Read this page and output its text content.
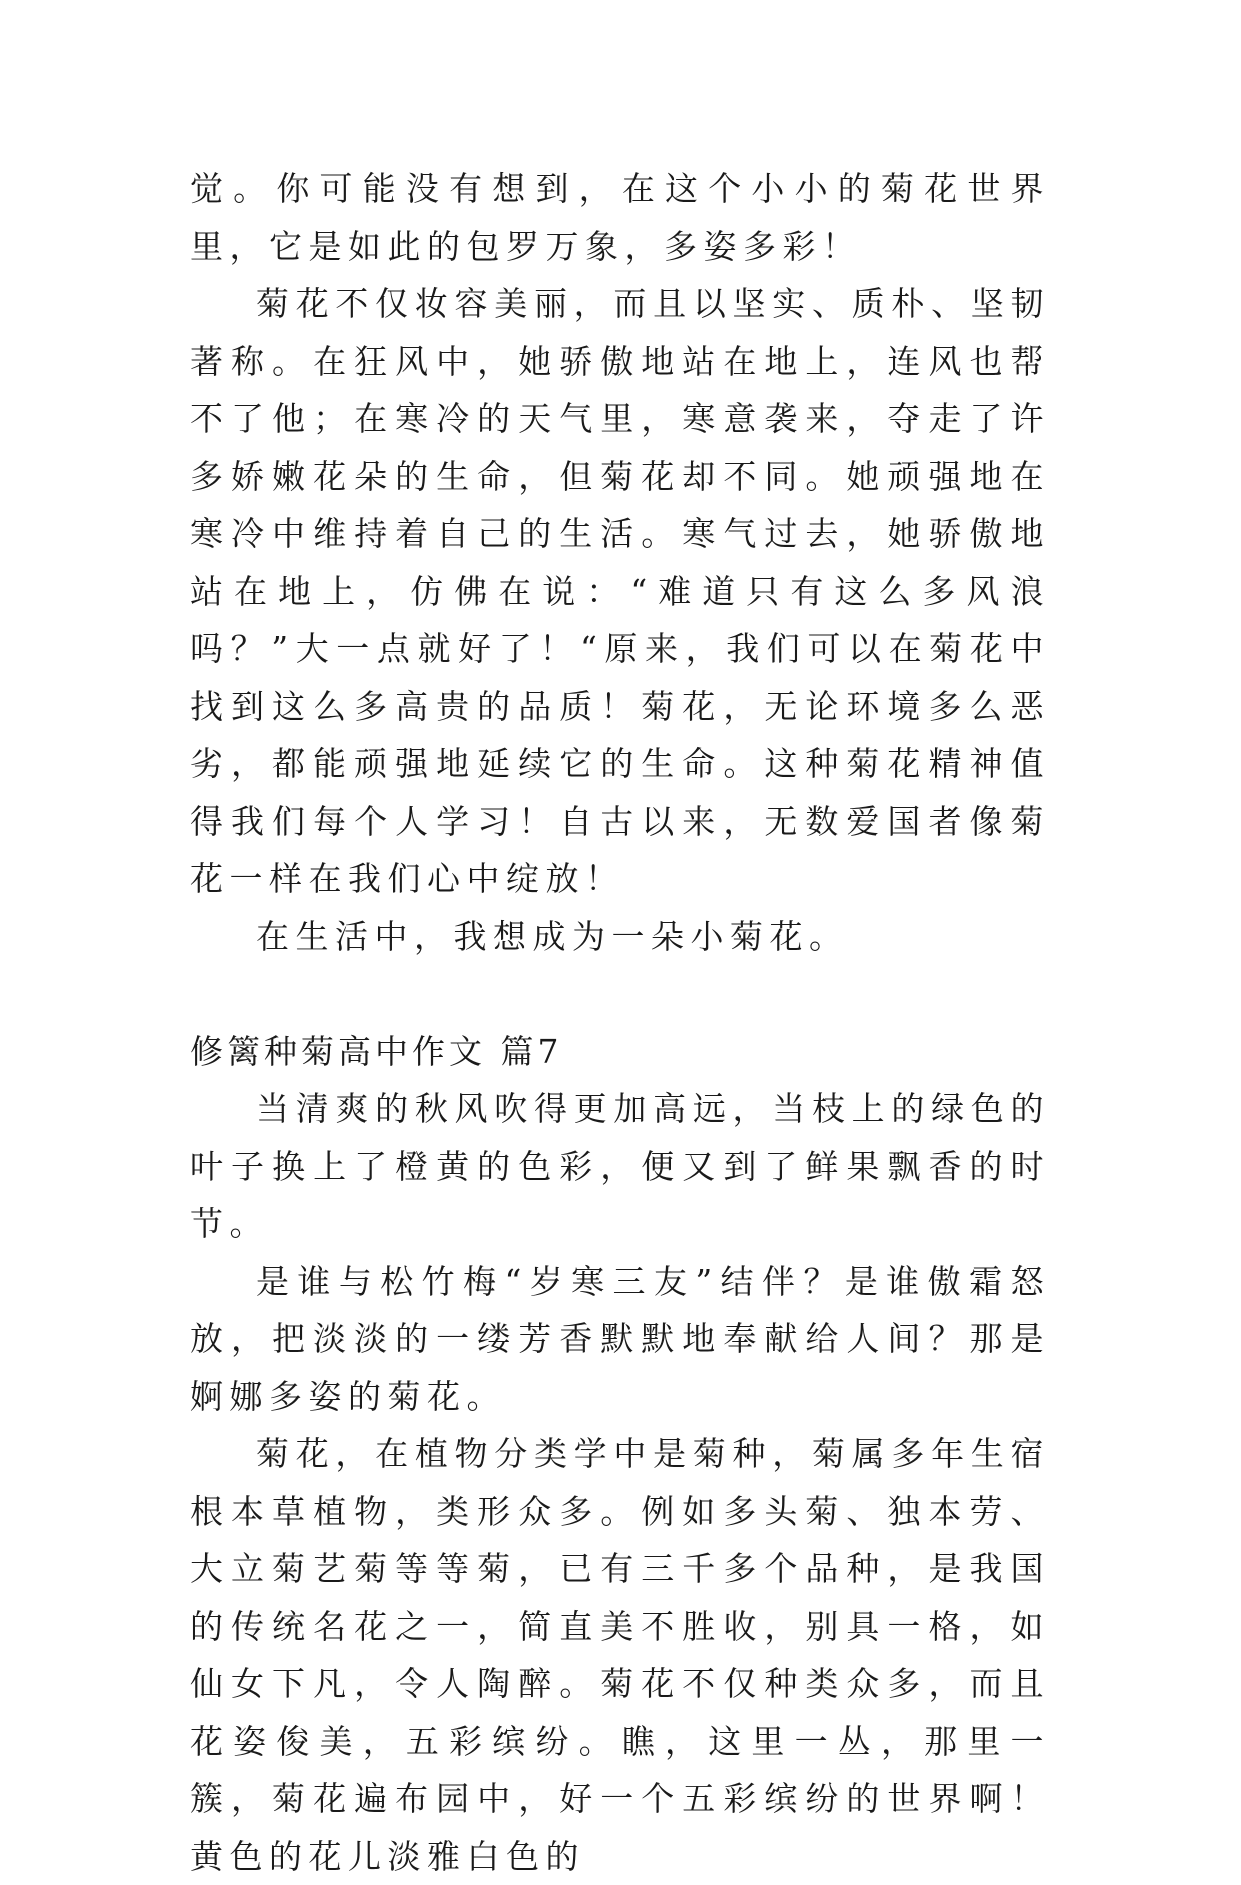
觉。你可能没有想到，在这个小小的菊花世界里，它是如此的包罗万象，多姿多彩！

菊花不仅妆容美丽，而且以坚实、质朴、坚韧著称。在狂风中，她骄傲地站在地上，连风也帮不了他；在寒冷的天气里，寒意袭来，夺走了许多娇嫩花朵的生命，但菊花却不同。她顽强地在寒冷中维持着自己的生活。寒气过去，她骄傲地站在地上，仿佛在说：“难道只有这么多风浪吗？”大一点就好了！“原来，我们可以在菊花中找到这么多高贵的品质！菊花，无论环境多么恶劣，都能顽强地延续它的生命。这种菊花精神值得我们每个人学习！自古以来，无数爱国者像菊花一样在我们心中绽放！

在生活中，我想成为一朵小菊花。

修篱种菊高中作文 篇7

当清爽的秋风吹得更加高远，当枝上的绿色的叶子换上了橙黄的色彩，便又到了鲜果飘香的时节。

是谁与松竹梅“岁寒三友”结伴？是谁傲霜怒放，把淡淡的一缕芳香默默地奉献给人间？那是婀娜多姿的菊花。

菊花，在植物分类学中是菊种，菊属多年生宿根本草植物，类形众多。例如多头菊、独本劳、大立菊艺菊等等菊，已有三千多个品种，是我国的传统名花之一，简直美不胜收，别具一格，如仙女下凡，令人陶醉。菊花不仅种类众多，而且花姿俊美，五彩缤纷。瞧，这里一丛，那里一簇，菊花遍布园中，好一个五彩缤纷的世界啊！黄色的花儿淡雅白色的
